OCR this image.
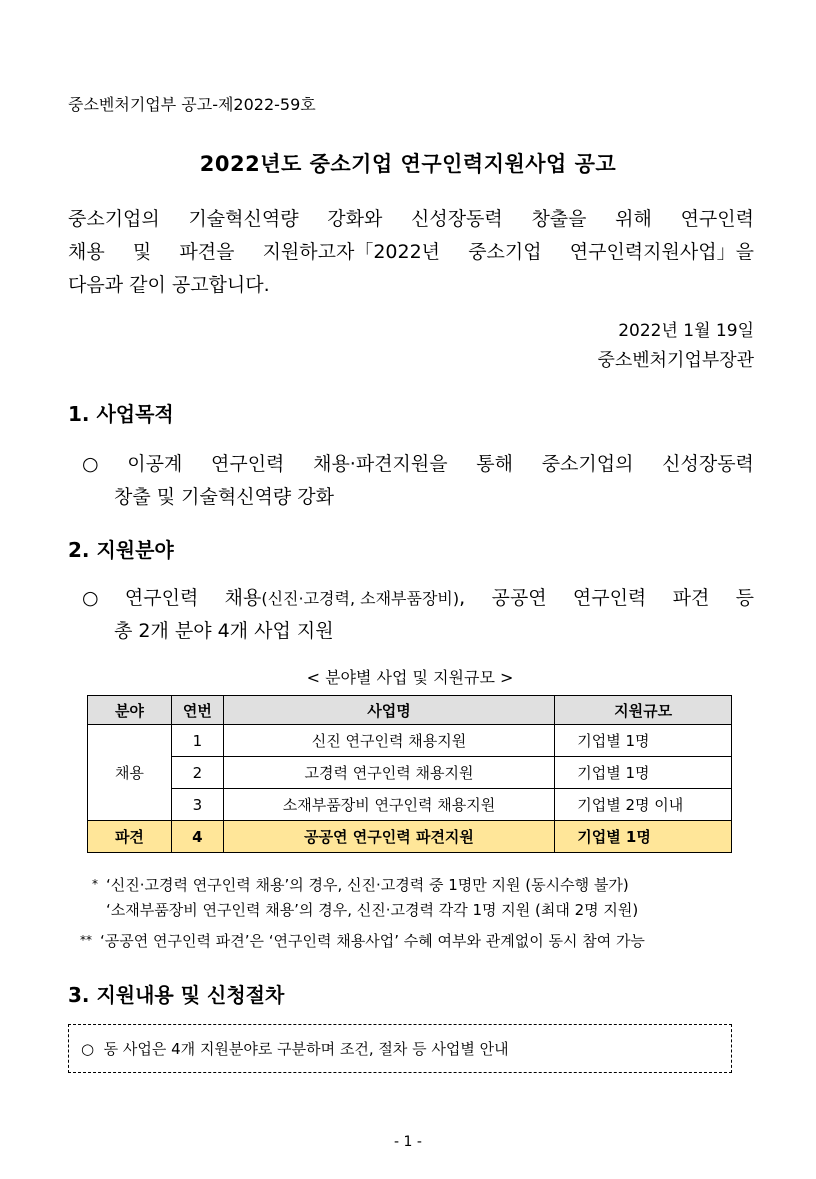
중소벤처기업부 공고-제2022-59호
2022년도 중소기업 연구인력지원사업 공고
중소기업의 기술혁신역량 강화와 신성장동력 창출을 위해 연구인력
채용 및 파견을 지원하고자「2022년 중소기업 연구인력지원사업」을
다음과 같이 공고합니다.
2022년 1월 19일
중소벤처기업부장관
1. 사업목적
○ 이공계 연구인력 채용·파견지원을 통해 중소기업의 신성장동력
창출 및 기술혁신역량 강화
2. 지원분야
○ 연구인력 채용(신진·고경력, 소재부품장비), 공공연 연구인력 파견 등
총 2개 분야 4개 사업 지원
< 분야별 사업 및 지원규모 >
분야	연번	사업명	지원규모
채용	1	신진 연구인력 채용지원	기업별 1명
	2	고경력 연구인력 채용지원	기업별 1명
	3	소재부품장비 연구인력 채용지원	기업별 2명 이내
파견	4	공공연 연구인력 파견지원	기업별 1명
* ‘신진·고경력 연구인력 채용’의 경우, 신진·고경력 중 1명만 지원 (동시수행 불가)
‘소재부품장비 연구인력 채용’의 경우, 신진·고경력 각각 1명 지원 (최대 2명 지원)
** ‘공공연 연구인력 파견’은 ‘연구인력 채용사업’ 수혜 여부와 관계없이 동시 참여 가능
3. 지원내용 및 신청절차
○ 동 사업은 4개 지원분야로 구분하며 조건, 절차 등 사업별 안내
- 1 -
